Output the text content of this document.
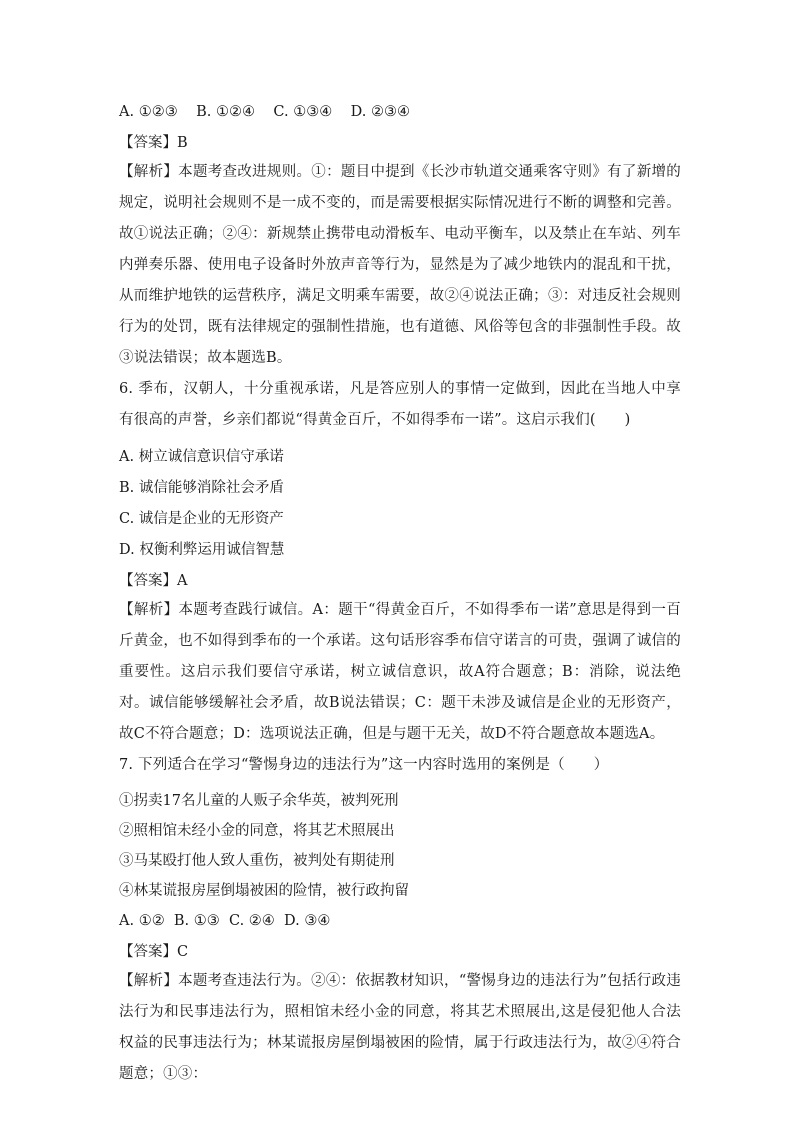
A. ①②③    B. ①②④    C. ①③④    D. ②③④
【答案】B
【解析】本题考查改进规则。①：题目中提到《长沙市轨道交通乘客守则》有了新增的规定，说明社会规则不是一成不变的，而是需要根据实际情况进行不断的调整和完善。故①说法正确；②④：新规禁止携带电动滑板车、电动平衡车，以及禁止在车站、列车内弹奏乐器、使用电子设备时外放声音等行为，显然是为了减少地铁内的混乱和干扰，从而维护地铁的运营秩序，满足文明乘车需要，故②④说法正确；③：对违反社会规则行为的处罚，既有法律规定的强制性措施，也有道德、风俗等包含的非强制性手段。故③说法错误；故本题选B。
6. 季布，汉朝人，十分重视承诺，凡是答应别人的事情一定做到，因此在当地人中享有很高的声誉，乡亲们都说“得黄金百斤，不如得季布一诺”。这启示我们(      )
A. 树立诚信意识信守承诺
B. 诚信能够消除社会矛盾
C. 诚信是企业的无形资产
D. 权衡利弊运用诚信智慧
【答案】A
【解析】本题考查践行诚信。A：题干“得黄金百斤，不如得季布一诺”意思是得到一百斤黄金，也不如得到季布的一个承诺。这句话形容季布信守诺言的可贵，强调了诚信的重要性。这启示我们要信守承诺，树立诚信意识，故A符合题意；B：消除，说法绝对。诚信能够缓解社会矛盾，故B说法错误；C：题干未涉及诚信是企业的无形资产，故C不符合题意；D：选项说法正确，但是与题干无关，故D不符合题意故本题选A。
7. 下列适合在学习“警惕身边的违法行为”这一内容时选用的案例是（      ）
①拐卖17名儿童的人贩子余华英，被判死刑
②照相馆未经小金的同意，将其艺术照展出
③马某殴打他人致人重伤，被判处有期徒刑
④林某谎报房屋倒塌被困的险情，被行政拘留
A. ①②  B. ①③  C. ②④  D. ③④
【答案】C
【解析】本题考查违法行为。②④：依据教材知识，“警惕身边的违法行为”包括行政违法行为和民事违法行为，照相馆未经小金的同意，将其艺术照展出,这是侵犯他人合法权益的民事违法行为；林某谎报房屋倒塌被困的险情，属于行政违法行为，故②④符合题意；①③：
